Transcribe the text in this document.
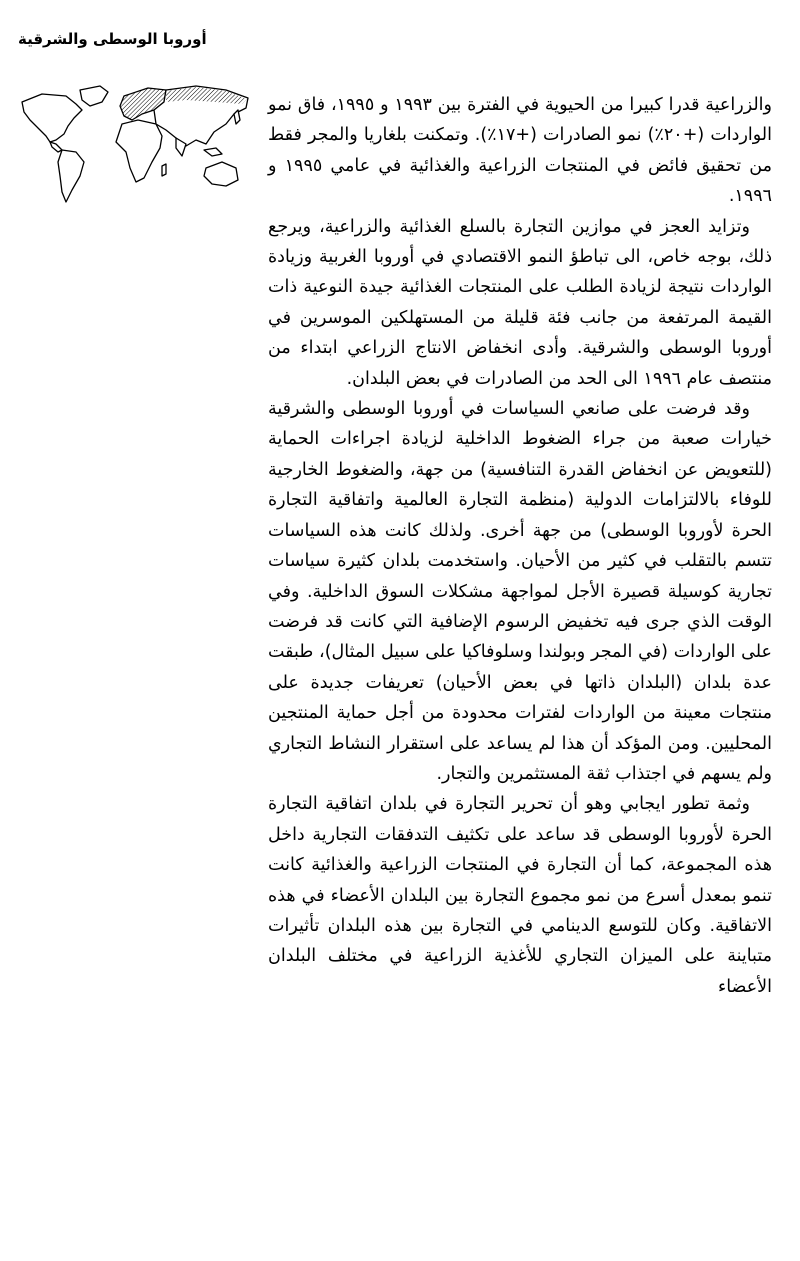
أوروبا الوسطى والشرقية

والزراعية قدرا كبيرا من الحيوية في الفترة بين ١٩٩٣ و ١٩٩٥، فاق نمو الواردات (+٢٠٪) نمو الصادرات (+١٧٪). وتمكنت بلغاريا والمجر فقط من تحقيق فائض في المنتجات الزراعية والغذائية في عامي ١٩٩٥ و ١٩٩٦.

وتزايد العجز في موازين التجارة بالسلع الغذائية والزراعية، ويرجع ذلك، بوجه خاص، الى تباطؤ النمو الاقتصادي في أوروبا الغربية وزيادة الواردات نتيجة لزيادة الطلب على المنتجات الغذائية جيدة النوعية ذات القيمة المرتفعة من جانب فئة قليلة من المستهلكين الموسرين في أوروبا الوسطى والشرقية. وأدى انخفاض الانتاج الزراعي ابتداء من منتصف عام ١٩٩٦ الى الحد من الصادرات في بعض البلدان.

وقد فرضت على صانعي السياسات في أوروبا الوسطى والشرقية خيارات صعبة من جراء الضغوط الداخلية لزيادة اجراءات الحماية (للتعويض عن انخفاض القدرة التنافسية) من جهة، والضغوط الخارجية للوفاء بالالتزامات الدولية (منظمة التجارة العالمية واتفاقية التجارة الحرة لأوروبا الوسطى) من جهة أخرى. ولذلك كانت هذه السياسات تتسم بالتقلب في كثير من الأحيان. واستخدمت بلدان كثيرة سياسات تجارية كوسيلة قصيرة الأجل لمواجهة مشكلات السوق الداخلية. وفي الوقت الذي جرى فيه تخفيض الرسوم الإضافية التي كانت قد فرضت على الواردات (في المجر وبولندا وسلوفاكيا على سبيل المثال)، طبقت عدة بلدان (البلدان ذاتها في بعض الأحيان) تعريفات جديدة على منتجات معينة من الواردات لفترات محدودة من أجل حماية المنتجين المحليين. ومن المؤكد أن هذا لم يساعد على استقرار النشاط التجاري ولم يسهم في اجتذاب ثقة المستثمرين والتجار.

وثمة تطور ايجابي وهو أن تحرير التجارة في بلدان اتفاقية التجارة الحرة لأوروبا الوسطى قد ساعد على تكثيف التدفقات التجارية داخل هذه المجموعة، كما أن التجارة في المنتجات الزراعية والغذائية كانت تنمو بمعدل أسرع من نمو مجموع التجارة بين البلدان الأعضاء في هذه الاتفاقية. وكان للتوسع الدينامي في التجارة بين هذه البلدان تأثيرات متباينة على الميزان التجاري للأغذية الزراعية في مختلف البلدان الأعضاء
